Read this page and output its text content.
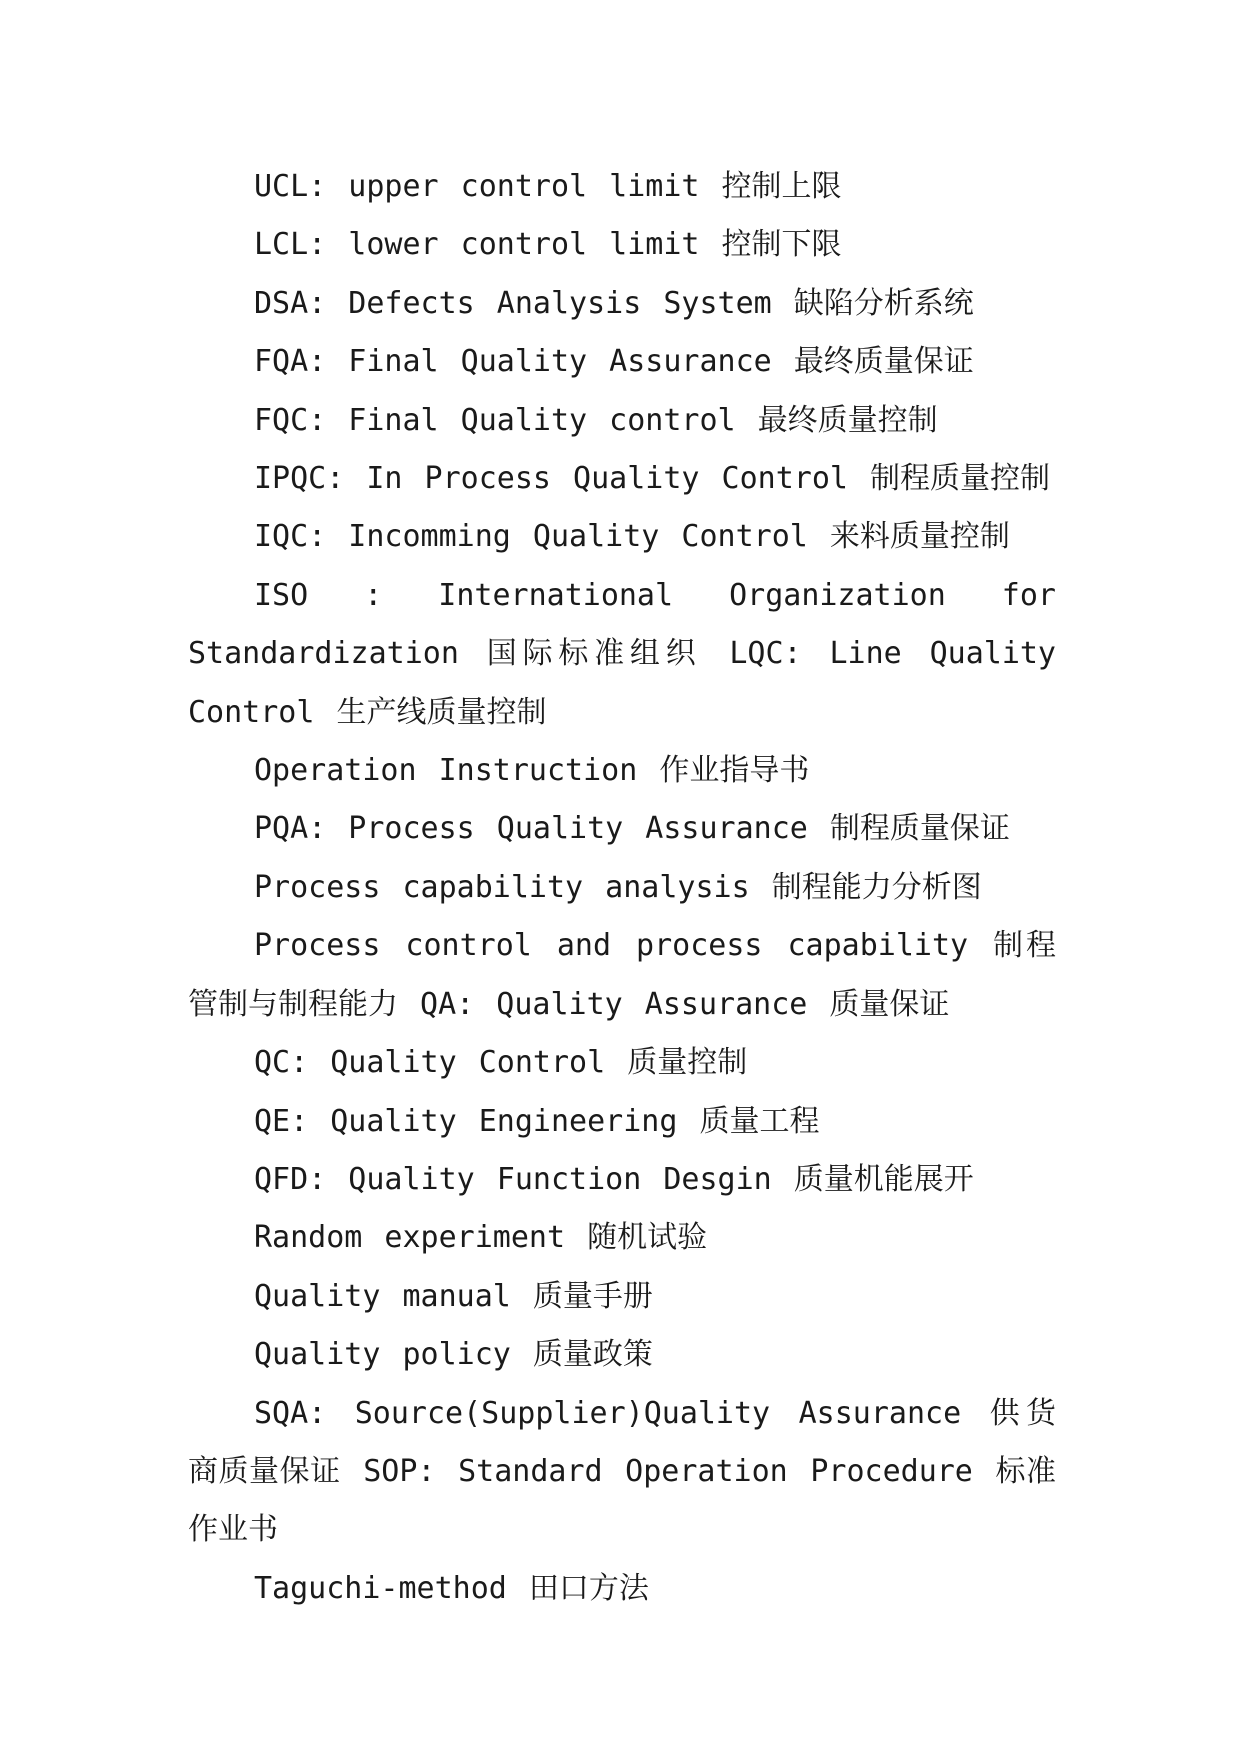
UCL: upper control limit 控制上限

LCL: lower control limit 控制下限

DSA: Defects Analysis System 缺陷分析系统

FQA: Final Quality Assurance 最终质量保证

FQC: Final Quality control 最终质量控制

IPQC: In Process Quality Control 制程质量控制

IQC: Incomming Quality Control 来料质量控制

ISO : International Organization for Standardization 国际标准组织 LQC: Line Quality Control 生产线质量控制

Operation Instruction 作业指导书

PQA: Process Quality Assurance 制程质量保证

Process capability analysis 制程能力分析图

Process control and process capability 制程管制与制程能力 QA: Quality Assurance 质量保证

QC: Quality Control 质量控制

QE: Quality Engineering 质量工程

QFD: Quality Function Desgin 质量机能展开

Random experiment 随机试验

Quality manual 质量手册

Quality policy 质量政策

SQA: Source(Supplier)Quality Assurance 供货商质量保证 SOP: Standard Operation Procedure 标准作业书

Taguchi-method 田口方法
